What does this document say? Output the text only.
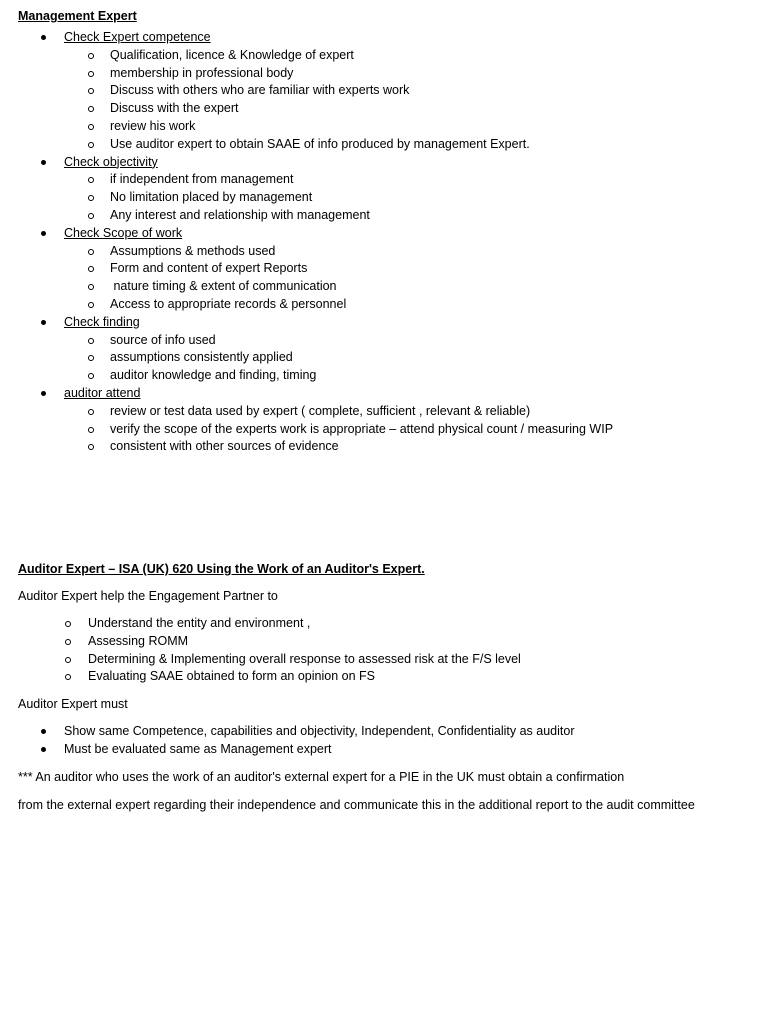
Management Expert

Check Expert competence
Qualification, licence & Knowledge of expert
membership in professional body
Discuss with others who are familiar with experts work
Discuss with the expert
review his work
Use auditor expert to obtain SAAE of info produced by management Expert.
Check objectivity
if independent from management
No limitation placed by management
Any interest and relationship with management
Check Scope of work
Assumptions & methods used
Form and content of expert Reports
nature timing & extent of communication
Access to appropriate records & personnel
Check finding
source of info used
assumptions consistently applied
auditor knowledge and finding, timing
auditor attend
review or test data used by expert ( complete, sufficient , relevant & reliable)
verify the scope of the experts work is appropriate – attend physical count / measuring WIP
consistent with other sources of evidence

Auditor Expert – ISA (UK) 620 Using the Work of an Auditor's Expert.

Auditor Expert help the Engagement Partner to

Understand the entity and environment ,
Assessing ROMM
Determining & Implementing overall response to assessed risk at the F/S level
Evaluating SAAE obtained to form an opinion on FS

Auditor Expert must

Show same Competence, capabilities and objectivity, Independent, Confidentiality as auditor
Must be evaluated same as Management expert

*** An auditor who uses the work of an auditor's external expert for a PIE in the UK must obtain a confirmation

from the external expert regarding their independence and communicate this in the additional report to the audit committee
